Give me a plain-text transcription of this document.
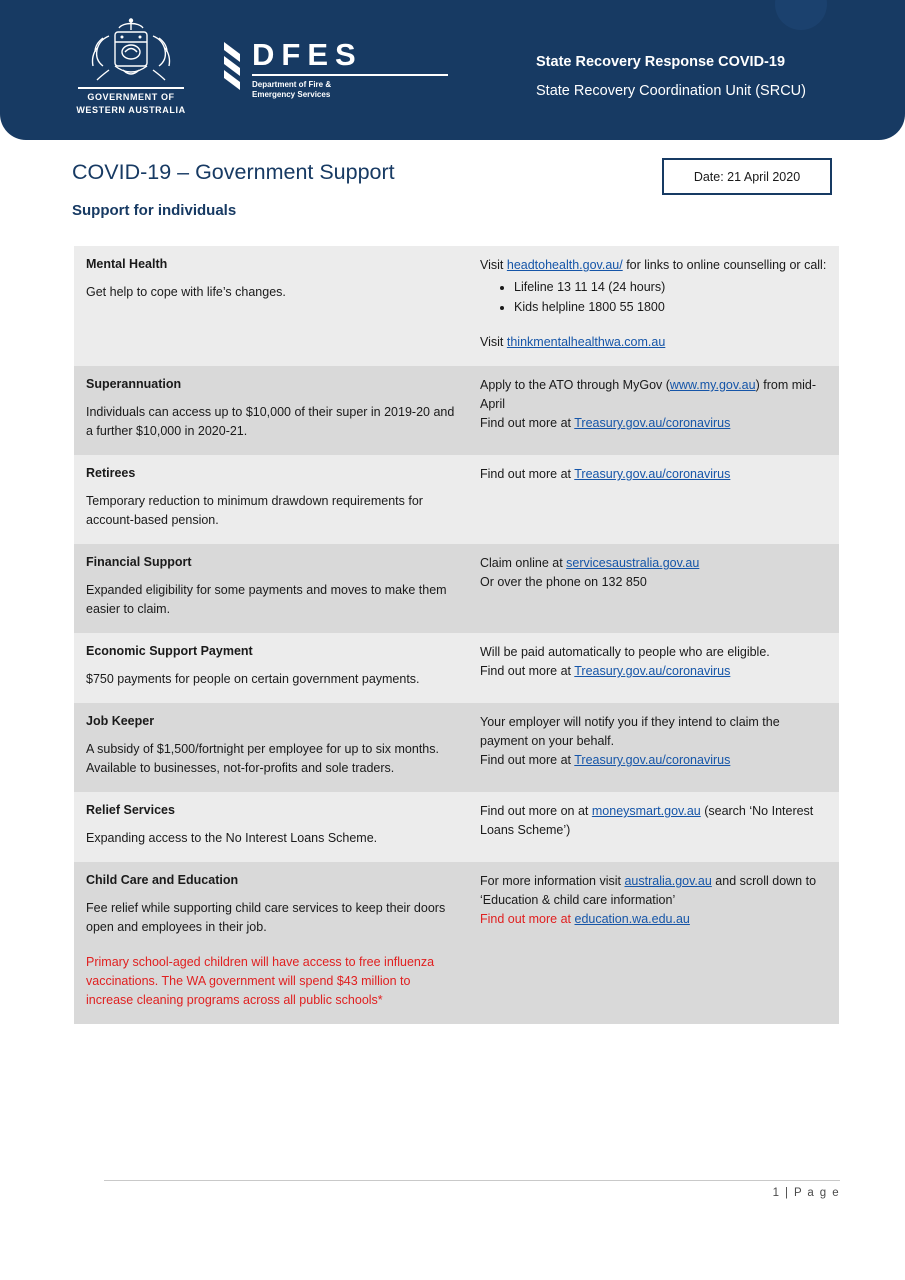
GOVERNMENT OF
WESTERN AUSTRALIA
DFES
Department of Fire &
Emergency Services
State Recovery Response COVID-19
State Recovery Coordination Unit (SRCU)
COVID-19 – Government Support	Date: 21 April 2020
Support for individuals
Mental Health
Get help to cope with life’s changes.
Visit headtohealth.gov.au/ for links to online counselling or call:
• Lifeline 13 11 14 (24 hours)
• Kids helpline 1800 55 1800
Visit thinkmentalhealthwa.com.au
Superannuation
Individuals can access up to $10,000 of their super in 2019-20 and a further $10,000 in 2020-21.
Apply to the ATO through MyGov (www.my.gov.au) from mid-April
Find out more at Treasury.gov.au/coronavirus
Retirees
Temporary reduction to minimum drawdown requirements for account-based pension.
Find out more at Treasury.gov.au/coronavirus
Financial Support
Expanded eligibility for some payments and moves to make them easier to claim.
Claim online at servicesaustralia.gov.au
Or over the phone on 132 850
Economic Support Payment
$750 payments for people on certain government payments.
Will be paid automatically to people who are eligible.
Find out more at Treasury.gov.au/coronavirus
Job Keeper
A subsidy of $1,500/fortnight per employee for up to six months. Available to businesses, not-for-profits and sole traders.
Your employer will notify you if they intend to claim the payment on your behalf.
Find out more at Treasury.gov.au/coronavirus
Relief Services
Expanding access to the No Interest Loans Scheme.
Find out more on at moneysmart.gov.au (search ‘No Interest Loans Scheme’)
Child Care and Education
Fee relief while supporting child care services to keep their doors open and employees in their job.
Primary school-aged children will have access to free influenza vaccinations. The WA government will spend $43 million to increase cleaning programs across all public schools*
For more information visit australia.gov.au and scroll down to ‘Education & child care information’
Find out more at education.wa.edu.au
1 | P a g e
